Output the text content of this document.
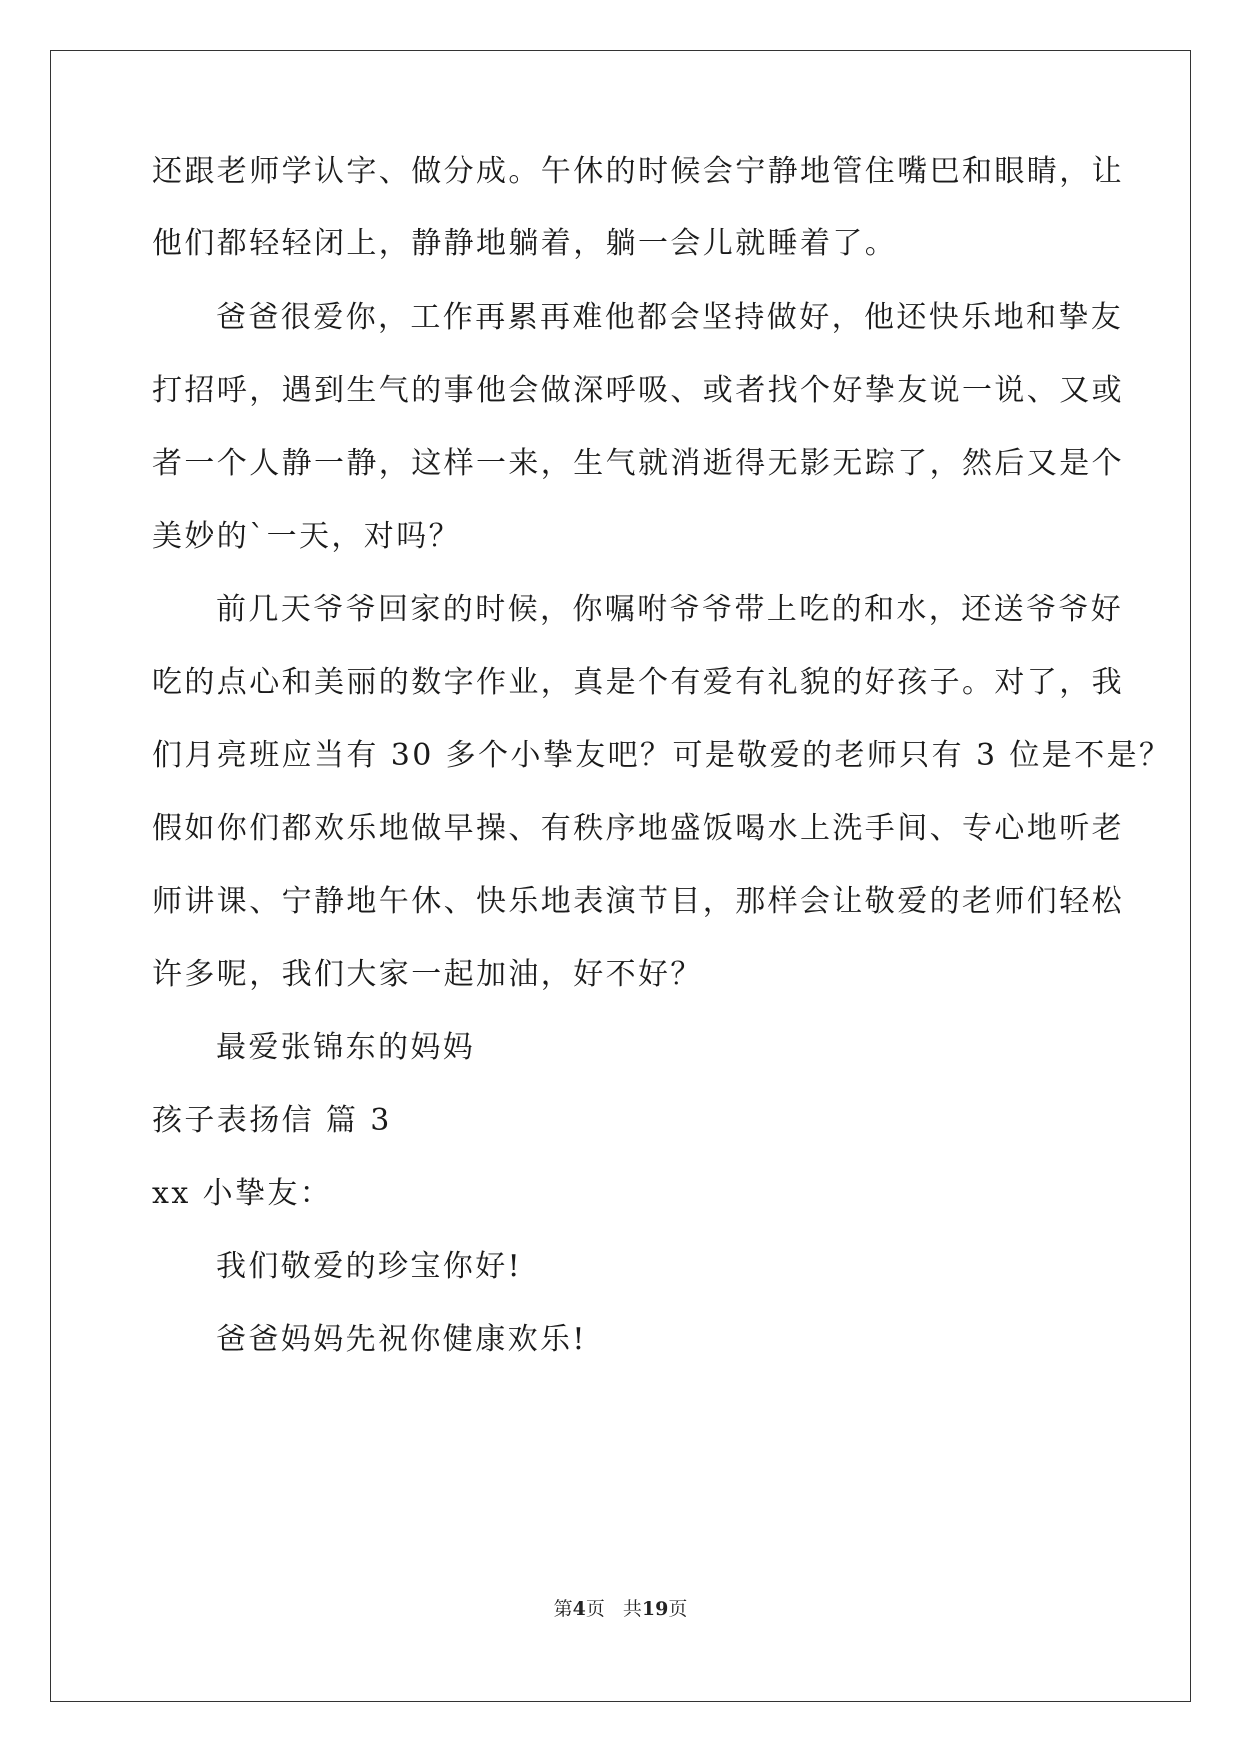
还跟老师学认字、做分成。午休的时候会宁静地管住嘴巴和眼睛，让
他们都轻轻闭上，静静地躺着，躺一会儿就睡着了。
爸爸很爱你，工作再累再难他都会坚持做好，他还快乐地和挚友
打招呼，遇到生气的事他会做深呼吸、或者找个好挚友说一说、又或
者一个人静一静，这样一来，生气就消逝得无影无踪了，然后又是个
美妙的`一天，对吗？
前几天爷爷回家的时候，你嘱咐爷爷带上吃的和水，还送爷爷好
吃的点心和美丽的数字作业，真是个有爱有礼貌的好孩子。对了，我
们月亮班应当有 30 多个小挚友吧？可是敬爱的老师只有 3 位是不是？
假如你们都欢乐地做早操、有秩序地盛饭喝水上洗手间、专心地听老
师讲课、宁静地午休、快乐地表演节目，那样会让敬爱的老师们轻松
许多呢，我们大家一起加油，好不好？
最爱张锦东的妈妈
孩子表扬信 篇 3
xx 小挚友：
我们敬爱的珍宝你好!
爸爸妈妈先祝你健康欢乐!
第4页 共19页
